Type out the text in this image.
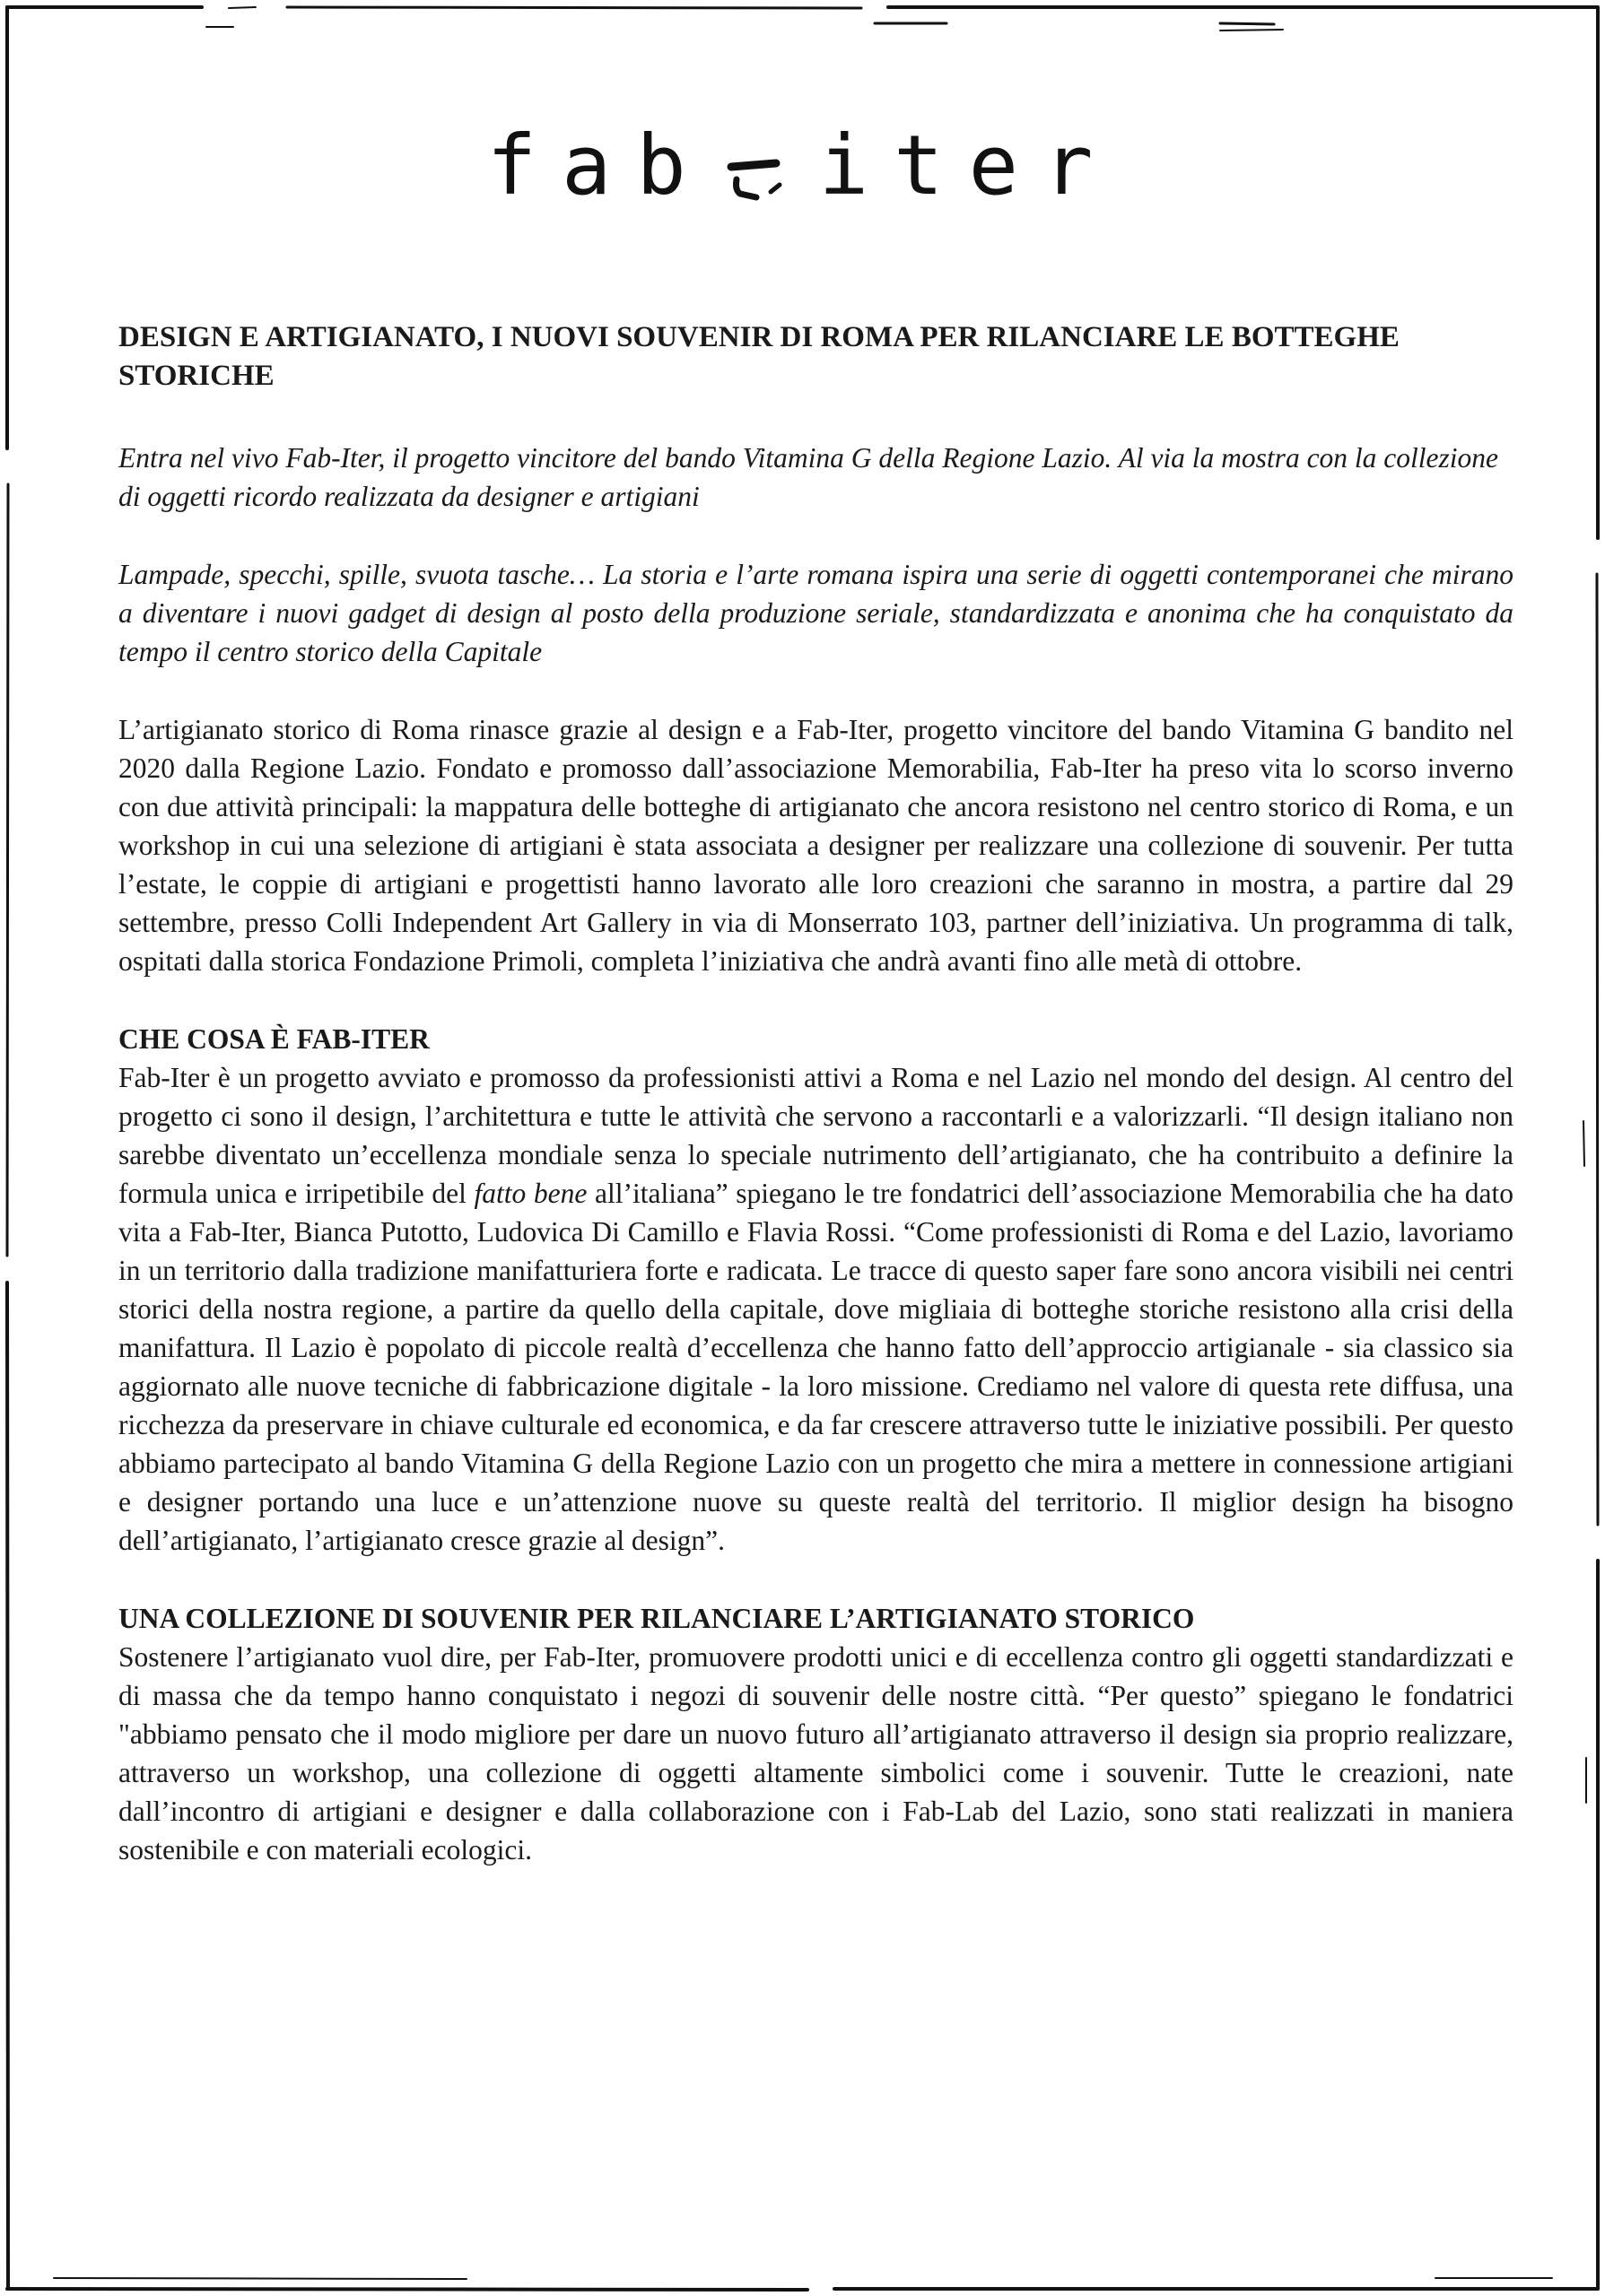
fab iter
DESIGN E ARTIGIANATO, I NUOVI SOUVENIR DI ROMA PER RILANCIARE LE BOTTEGHE STORICHE

Entra nel vivo Fab-Iter, il progetto vincitore del bando Vitamina G della Regione Lazio. Al via la mostra con la collezione di oggetti ricordo realizzata da designer e artigiani

Lampade, specchi, spille, svuota tasche… La storia e l’arte romana ispira una serie di oggetti contemporanei che mirano a diventare i nuovi gadget di design al posto della produzione seriale, standardizzata e anonima che ha conquistato da tempo il centro storico della Capitale

L’artigianato storico di Roma rinasce grazie al design e a Fab-Iter, progetto vincitore del bando Vitamina G bandito nel 2020 dalla Regione Lazio. Fondato e promosso dall’associazione Memorabilia, Fab-Iter ha preso vita lo scorso inverno con due attività principali: la mappatura delle botteghe di artigianato che ancora resistono nel centro storico di Roma, e un workshop in cui una selezione di artigiani è stata associata a designer per realizzare una collezione di souvenir. Per tutta l’estate, le coppie di artigiani e progettisti hanno lavorato alle loro creazioni che saranno in mostra, a partire dal 29 settembre, presso Colli Independent Art Gallery in via di Monserrato 103, partner dell’iniziativa. Un programma di talk, ospitati dalla storica Fondazione Primoli, completa l’iniziativa che andrà avanti fino alle metà di ottobre.

CHE COSA È FAB-ITER

Fab-Iter è un progetto avviato e promosso da professionisti attivi a Roma e nel Lazio nel mondo del design. Al centro del progetto ci sono il design, l’architettura e tutte le attività che servono a raccontarli e a valorizzarli. “Il design italiano non sarebbe diventato un’eccellenza mondiale senza lo speciale nutrimento dell’artigianato, che ha contribuito a definire la formula unica e irripetibile del fatto bene all’italiana” spiegano le tre fondatrici dell’associazione Memorabilia che ha dato vita a Fab-Iter, Bianca Putotto, Ludovica Di Camillo e Flavia Rossi. “Come professionisti di Roma e del Lazio, lavoriamo in un territorio dalla tradizione manifatturiera forte e radicata. Le tracce di questo saper fare sono ancora visibili nei centri storici della nostra regione, a partire da quello della capitale, dove migliaia di botteghe storiche resistono alla crisi della manifattura. Il Lazio è popolato di piccole realtà d’eccellenza che hanno fatto dell’approccio artigianale - sia classico sia aggiornato alle nuove tecniche di fabbricazione digitale - la loro missione. Crediamo nel valore di questa rete diffusa, una ricchezza da preservare in chiave culturale ed economica, e da far crescere attraverso tutte le iniziative possibili. Per questo abbiamo partecipato al bando Vitamina G della Regione Lazio con un progetto che mira a mettere in connessione artigiani e designer portando una luce e un’attenzione nuove su queste realtà del territorio. Il miglior design ha bisogno dell’artigianato, l’artigianato cresce grazie al design”.

UNA COLLEZIONE DI SOUVENIR PER RILANCIARE L’ARTIGIANATO STORICO

Sostenere l’artigianato vuol dire, per Fab-Iter, promuovere prodotti unici e di eccellenza contro gli oggetti standardizzati e di massa che da tempo hanno conquistato i negozi di souvenir delle nostre città. “Per questo” spiegano le fondatrici "abbiamo pensato che il modo migliore per dare un nuovo futuro all’artigianato attraverso il design sia proprio realizzare, attraverso un workshop, una collezione di oggetti altamente simbolici come i souvenir. Tutte le creazioni, nate dall’incontro di artigiani e designer e dalla collaborazione con i Fab-Lab del Lazio, sono stati realizzati in maniera sostenibile e con materiali ecologici.
